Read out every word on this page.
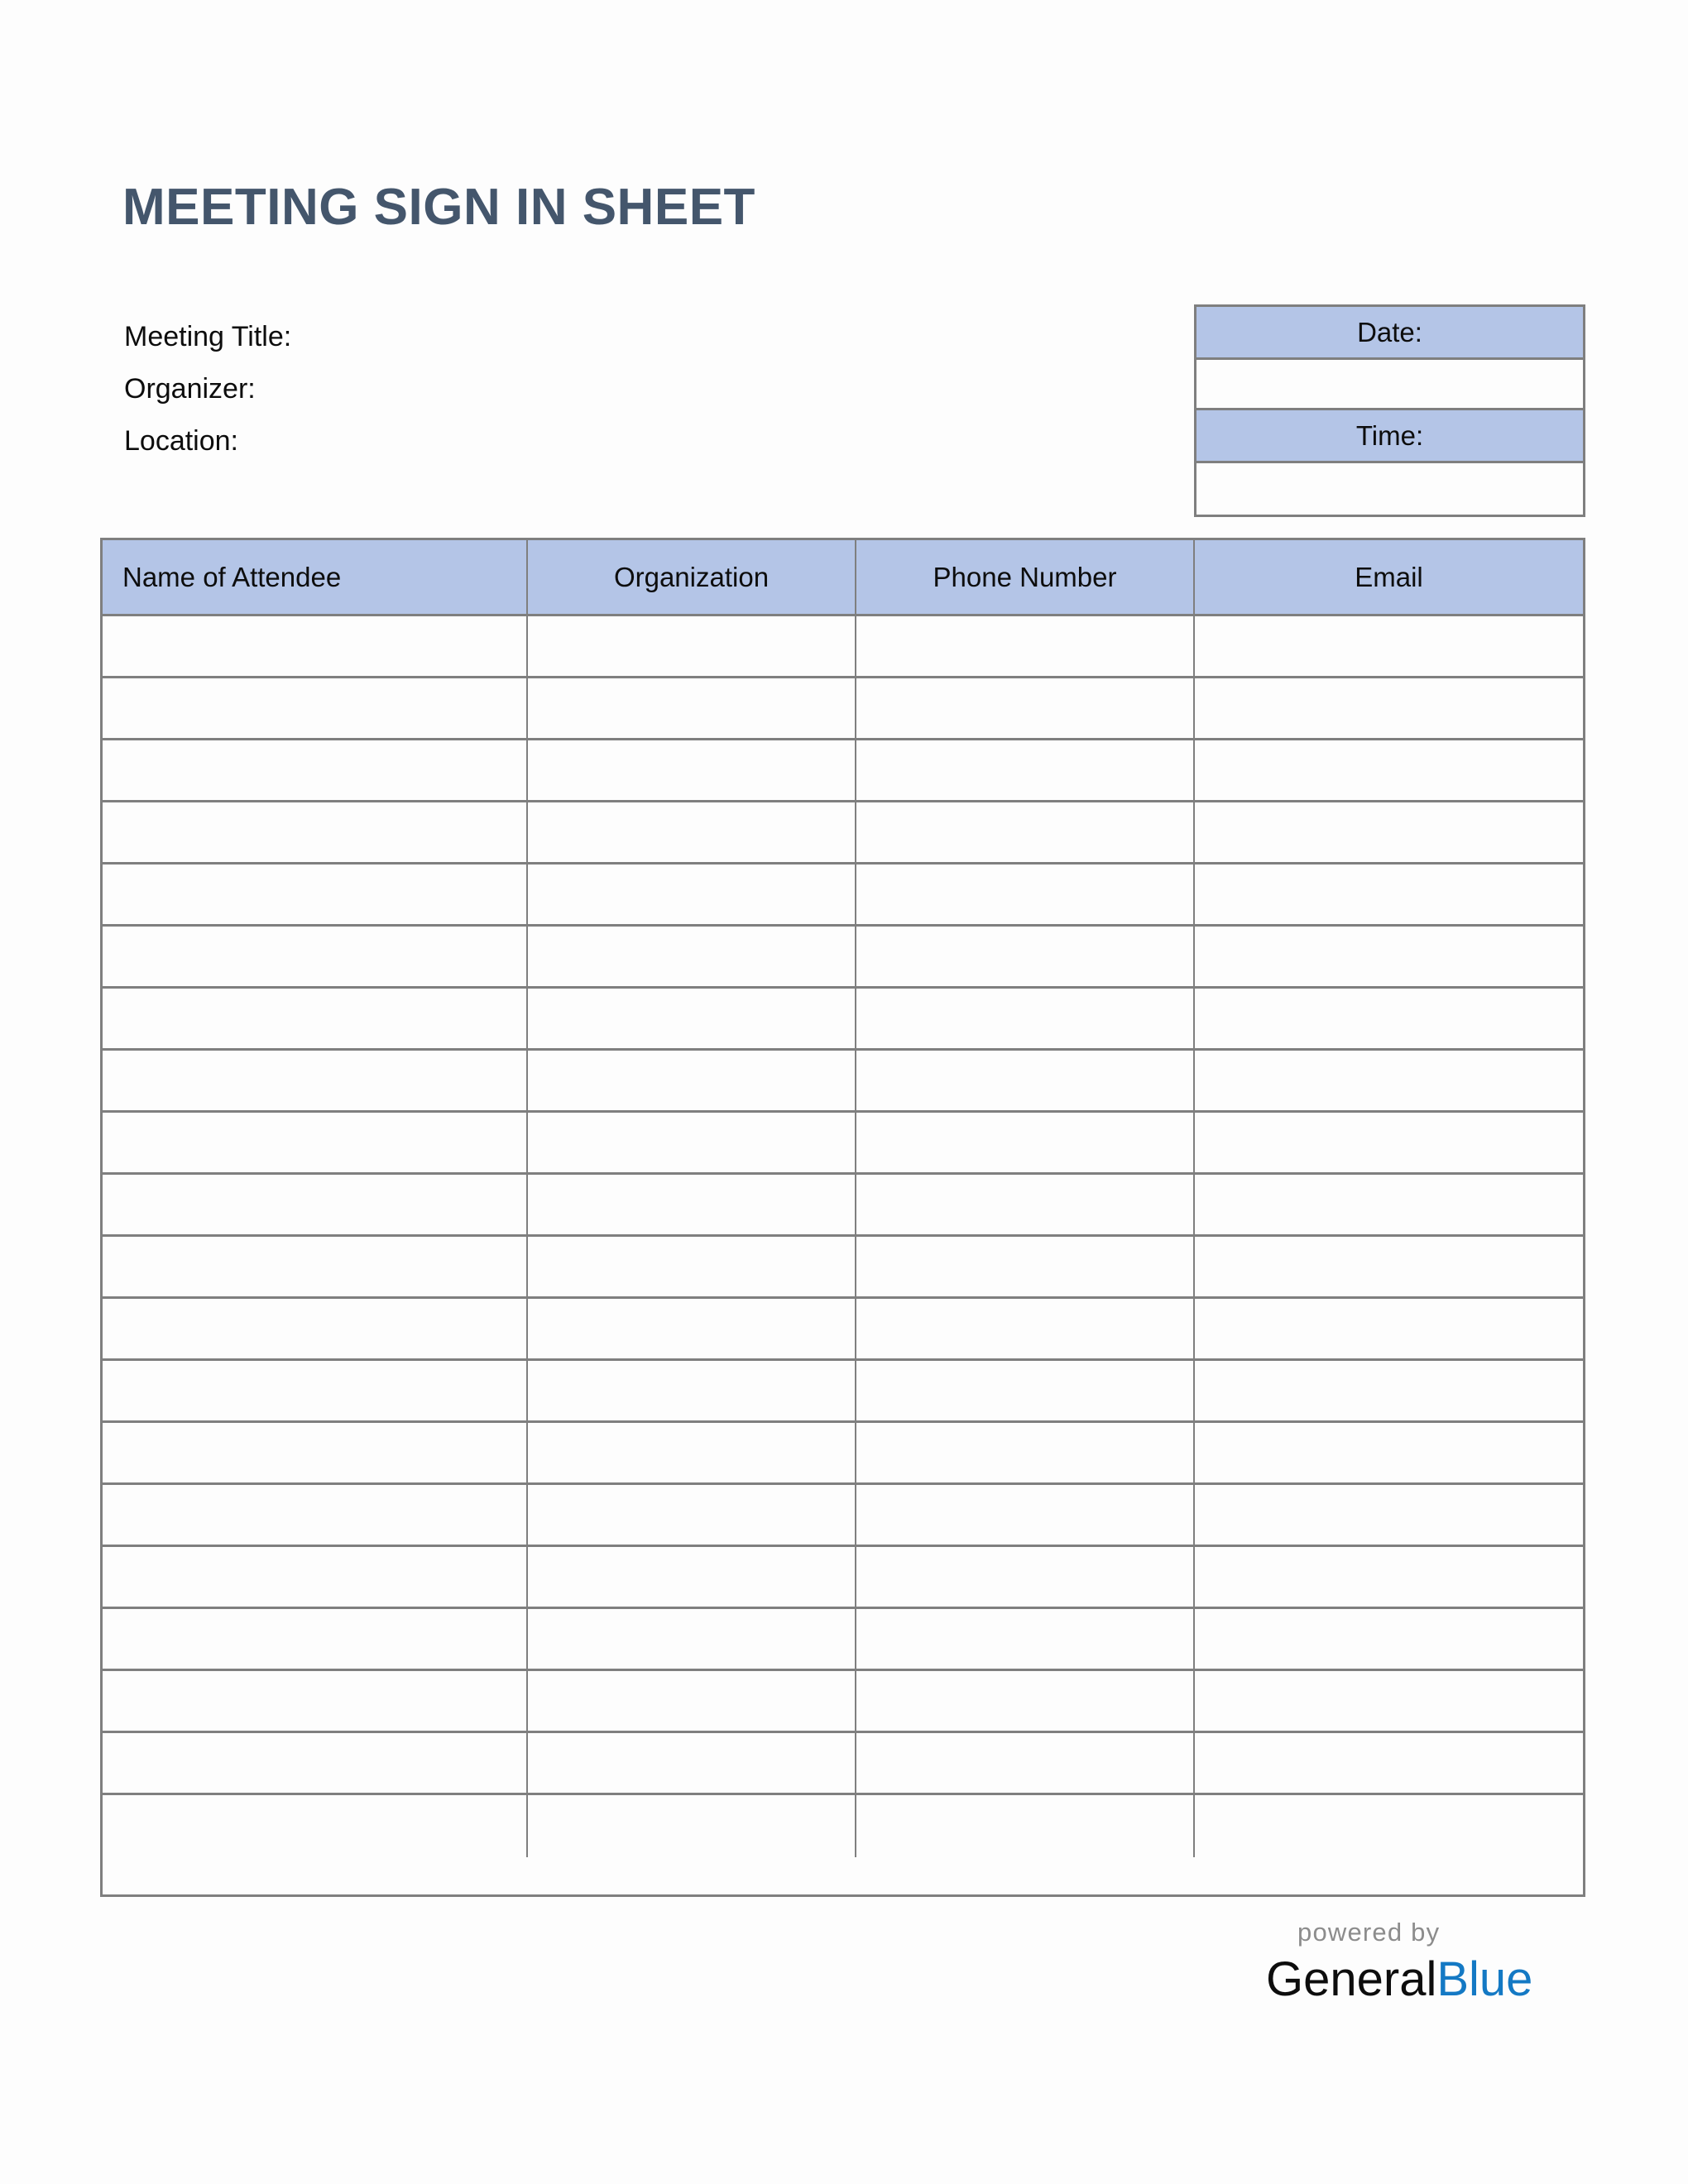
MEETING SIGN IN SHEET
Meeting Title:
Organizer:
Location:
Date:
Time:
Name of Attendee	Organization	Phone Number	Email
powered by
GeneralBlue
